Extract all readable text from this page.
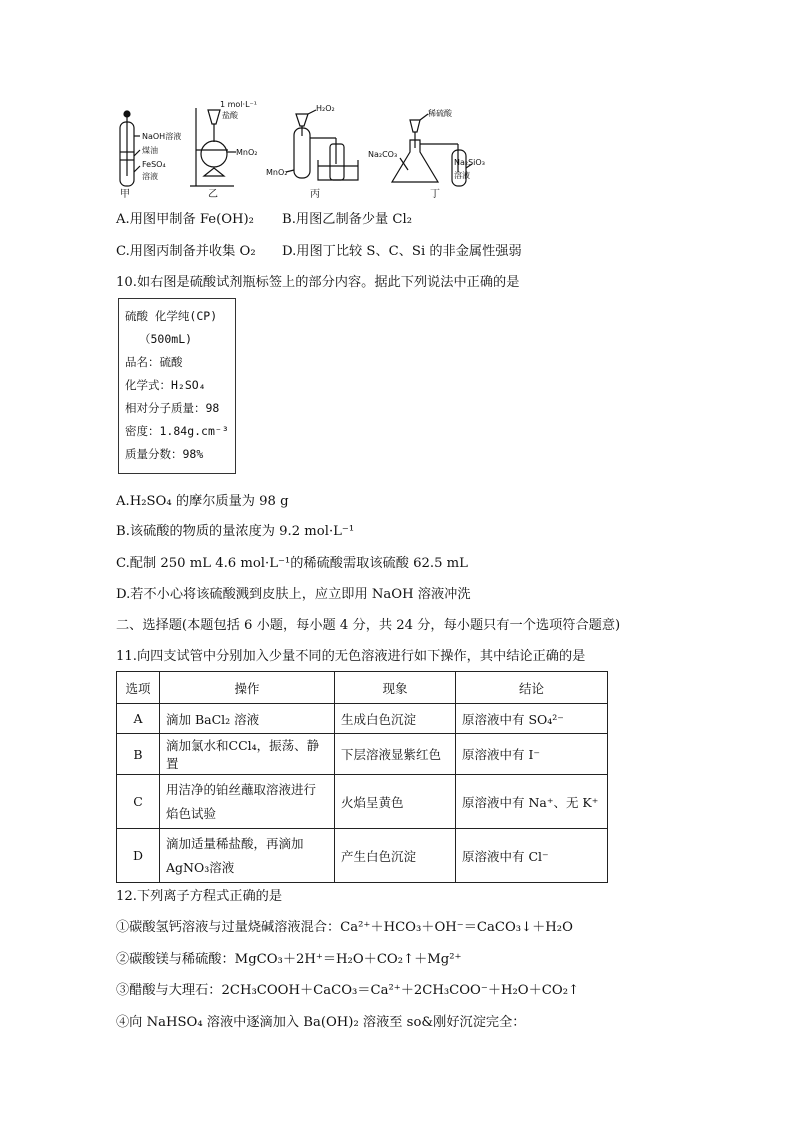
NaOH溶液
煤油
FeSO₄
溶液
甲
1 mol·L⁻¹
盐酸
MnO₂
乙
H₂O₂
MnO₂
丙
稀硫酸
Na₂CO₃
Na₂SiO₃
溶液
丁
A.用图甲制备 Fe(OH)₂ B.用图乙制备少量 Cl₂
C.用图丙制备并收集 O₂ D.用图丁比较 S、C、Si 的非金属性强弱
10.如右图是硫酸试剂瓶标签上的部分内容。据此下列说法中正确的是
硫酸 化学纯(CP)
（500mL)
品名：硫酸
化学式：H₂SO₄
相对分子质量：98
密度：1.84g.cm⁻³
质量分数：98%
A.H₂SO₄ 的摩尔质量为 98 g
B.该硫酸的物质的量浓度为 9.2 mol·L⁻¹
C.配制 250 mL 4.6 mol·L⁻¹的稀硫酸需取该硫酸 62.5 mL
D.若不小心将该硫酸溅到皮肤上，应立即用 NaOH 溶液冲洗
二、选择题(本题包括 6 小题，每小题 4 分，共 24 分，每小题只有一个选项符合题意)
11.向四支试管中分别加入少量不同的无色溶液进行如下操作，其中结论正确的是
选项	操作	现象	结论
A	滴加 BaCl₂ 溶液	生成白色沉淀	原溶液中有 SO₄²⁻
B	滴加氯水和CCl₄，振荡、静置	下层溶液显紫红色	原溶液中有 I⁻
C	用洁净的铂丝蘸取溶液进行焰色试验	火焰呈黄色	原溶液中有 Na⁺、无 K⁺
D	滴加适量稀盐酸，再滴加AgNO₃溶液	产生白色沉淀	原溶液中有 Cl⁻
12.下列离子方程式正确的是
①碳酸氢钙溶液与过量烧碱溶液混合：Ca²⁺＋HCO₃＋OH⁻＝CaCO₃↓＋H₂O
②碳酸镁与稀硫酸：MgCO₃＋2H⁺＝H₂O＋CO₂↑＋Mg²⁺
③醋酸与大理石：2CH₃COOH＋CaCO₃＝Ca²⁺＋2CH₃COO⁻＋H₂O＋CO₂↑
④向 NaHSO₄ 溶液中逐滴加入 Ba(OH)₂ 溶液至 so&刚好沉淀完全：
